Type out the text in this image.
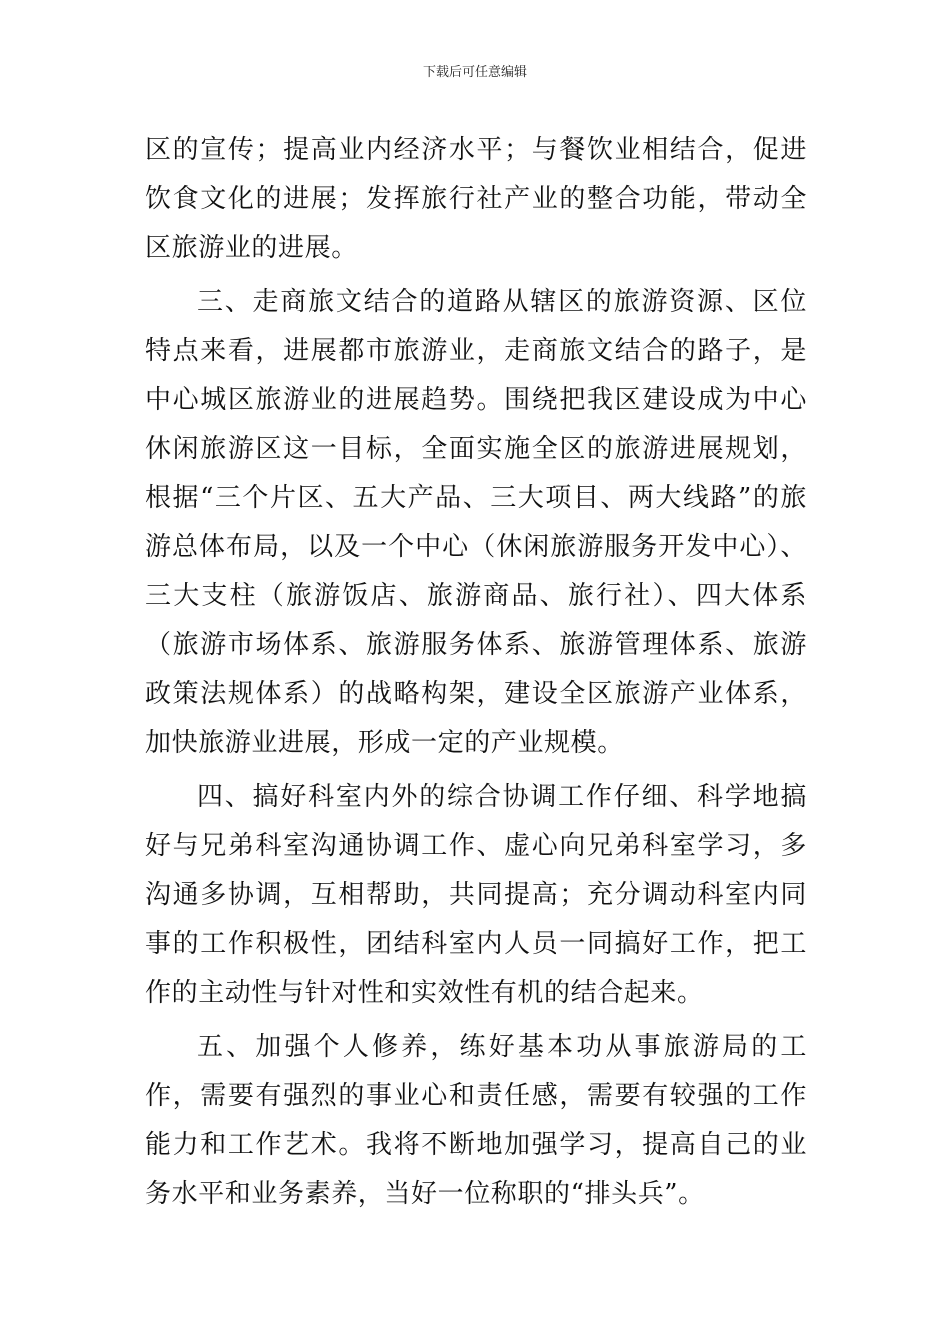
下载后可任意编辑

区的宣传；提高业内经济水平；与餐饮业相结合，促进饮食文化的进展；发挥旅行社产业的整合功能，带动全区旅游业的进展。

三、走商旅文结合的道路从辖区的旅游资源、区位特点来看，进展都市旅游业，走商旅文结合的路子，是中心城区旅游业的进展趋势。围绕把我区建设成为中心休闲旅游区这一目标，全面实施全区的旅游进展规划，根据“三个片区、五大产品、三大项目、两大线路”的旅游总体布局，以及一个中心（休闲旅游服务开发中心）、三大支柱（旅游饭店、旅游商品、旅行社）、四大体系（旅游市场体系、旅游服务体系、旅游管理体系、旅游政策法规体系）的战略构架，建设全区旅游产业体系，加快旅游业进展，形成一定的产业规模。

四、搞好科室内外的综合协调工作仔细、科学地搞好与兄弟科室沟通协调工作、虚心向兄弟科室学习，多沟通多协调，互相帮助，共同提高；充分调动科室内同事的工作积极性，团结科室内人员一同搞好工作，把工作的主动性与针对性和实效性有机的结合起来。

五、加强个人修养，练好基本功从事旅游局的工作，需要有强烈的事业心和责任感，需要有较强的工作能力和工作艺术。我将不断地加强学习，提高自己的业务水平和业务素养，当好一位称职的“排头兵”。
